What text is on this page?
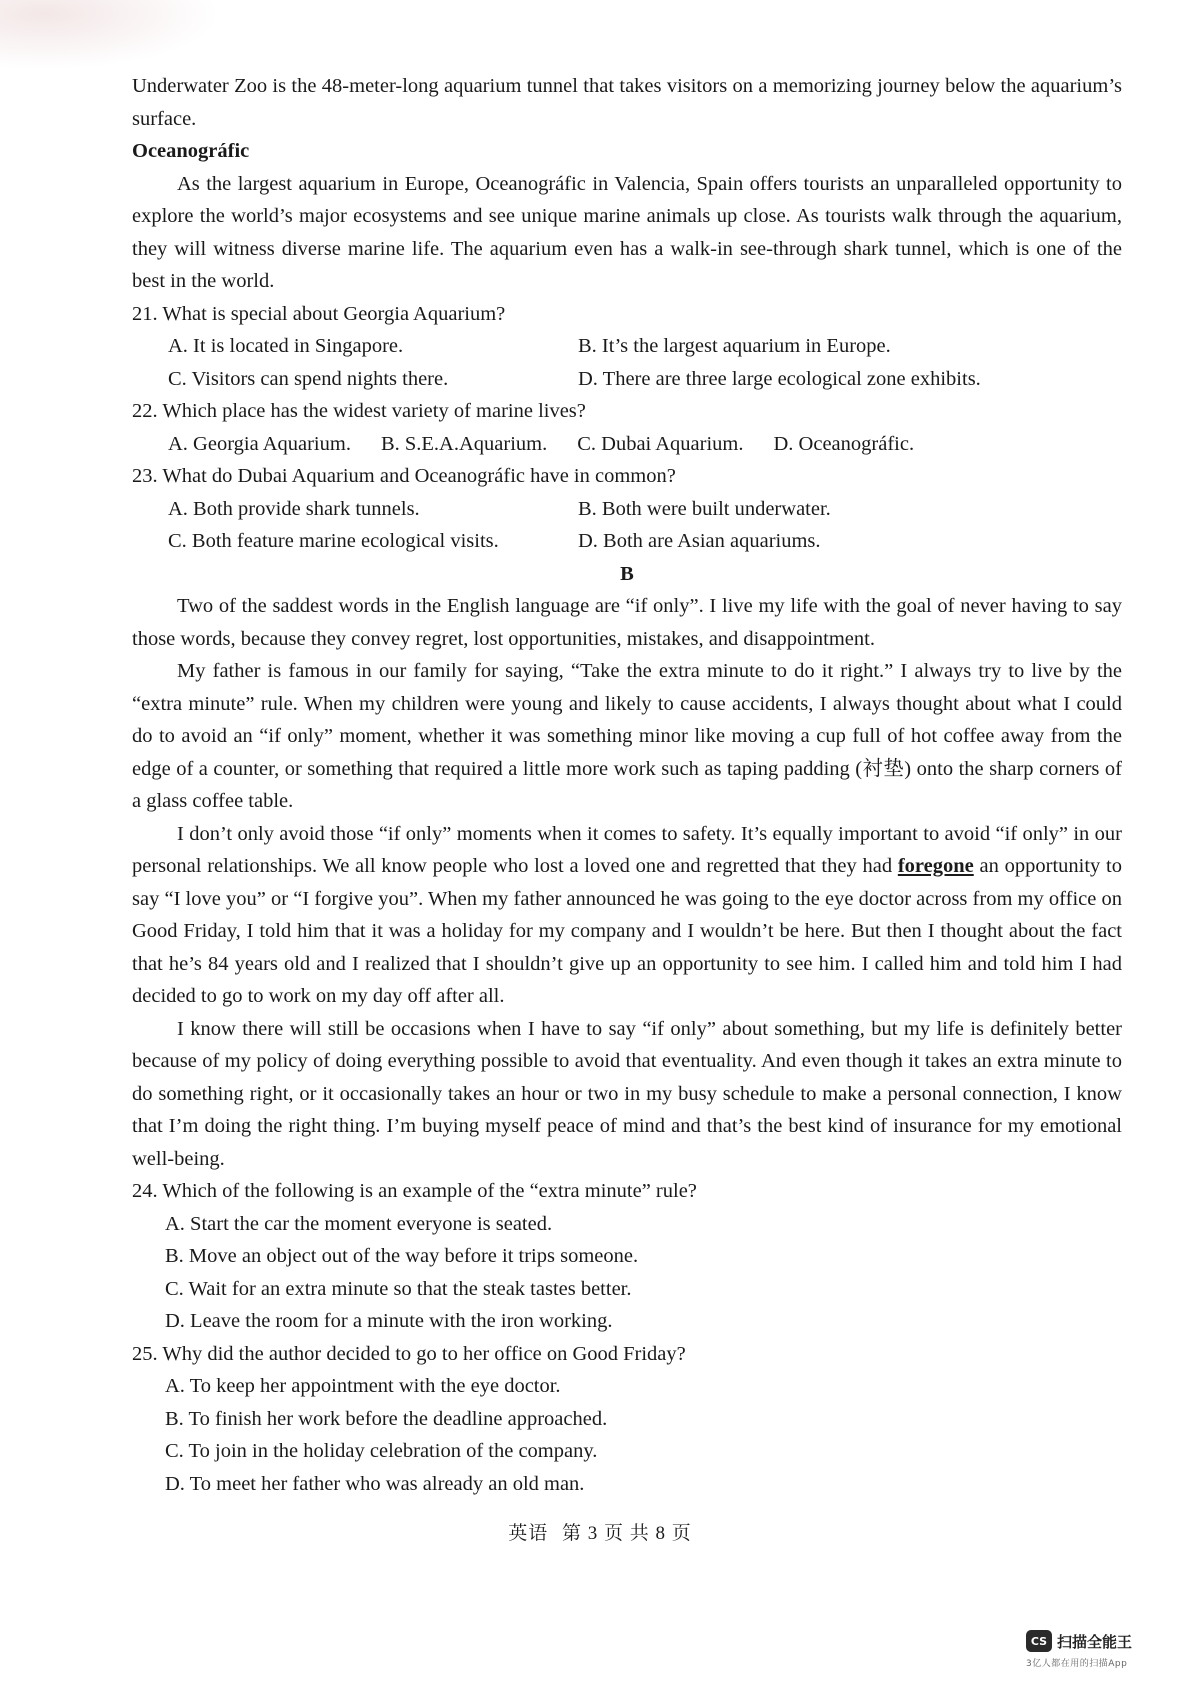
Underwater Zoo is the 48-meter-long aquarium tunnel that takes visitors on a memorizing journey below the aquarium’s surface.

Oceanográfic

As the largest aquarium in Europe, Oceanográfic in Valencia, Spain offers tourists an unparalleled opportunity to explore the world’s major ecosystems and see unique marine animals up close. As tourists walk through the aquarium, they will witness diverse marine life. The aquarium even has a walk-in see-through shark tunnel, which is one of the best in the world.

21. What is special about Georgia Aquarium?

A. It is located in Singapore.	B. It’s the largest aquarium in Europe.
C. Visitors can spend nights there.	D. There are three large ecological zone exhibits.

22. Which place has the widest variety of marine lives?

A. Georgia Aquarium. B. S.E.A.Aquarium. C. Dubai Aquarium. D. Oceanográfic.

23. What do Dubai Aquarium and Oceanográfic have in common?

A. Both provide shark tunnels.	B. Both were built underwater.
C. Both feature marine ecological visits.	D. Both are Asian aquariums.

B

Two of the saddest words in the English language are “if only”. I live my life with the goal of never having to say those words, because they convey regret, lost opportunities, mistakes, and disappointment.

My father is famous in our family for saying, “Take the extra minute to do it right.” I always try to live by the “extra minute” rule. When my children were young and likely to cause accidents, I always thought about what I could do to avoid an “if only” moment, whether it was something minor like moving a cup full of hot coffee away from the edge of a counter, or something that required a little more work such as taping padding (衬垫) onto the sharp corners of a glass coffee table.

I don’t only avoid those “if only” moments when it comes to safety. It’s equally important to avoid “if only” in our personal relationships. We all know people who lost a loved one and regretted that they had foregone an opportunity to say “I love you” or “I forgive you”. When my father announced he was going to the eye doctor across from my office on Good Friday, I told him that it was a holiday for my company and I wouldn’t be here. But then I thought about the fact that he’s 84 years old and I realized that I shouldn’t give up an opportunity to see him. I called him and told him I had decided to go to work on my day off after all.

I know there will still be occasions when I have to say “if only” about something, but my life is definitely better because of my policy of doing everything possible to avoid that eventuality. And even though it takes an extra minute to do something right, or it occasionally takes an hour or two in my busy schedule to make a personal connection, I know that I’m doing the right thing. I’m buying myself peace of mind and that’s the best kind of insurance for my emotional well-being.

24. Which of the following is an example of the “extra minute” rule?

A. Start the car the moment everyone is seated.

B. Move an object out of the way before it trips someone.

C. Wait for an extra minute so that the steak tastes better.

D. Leave the room for a minute with the iron working.

25. Why did the author decided to go to her office on Good Friday?

A. To keep her appointment with the eye doctor.

B. To finish her work before the deadline approached.

C. To join in the holiday celebration of the company.

D. To meet her father who was already an old man.

英语 第 3 页 共 8 页
CS 扫描全能王
3亿人都在用的扫描App
